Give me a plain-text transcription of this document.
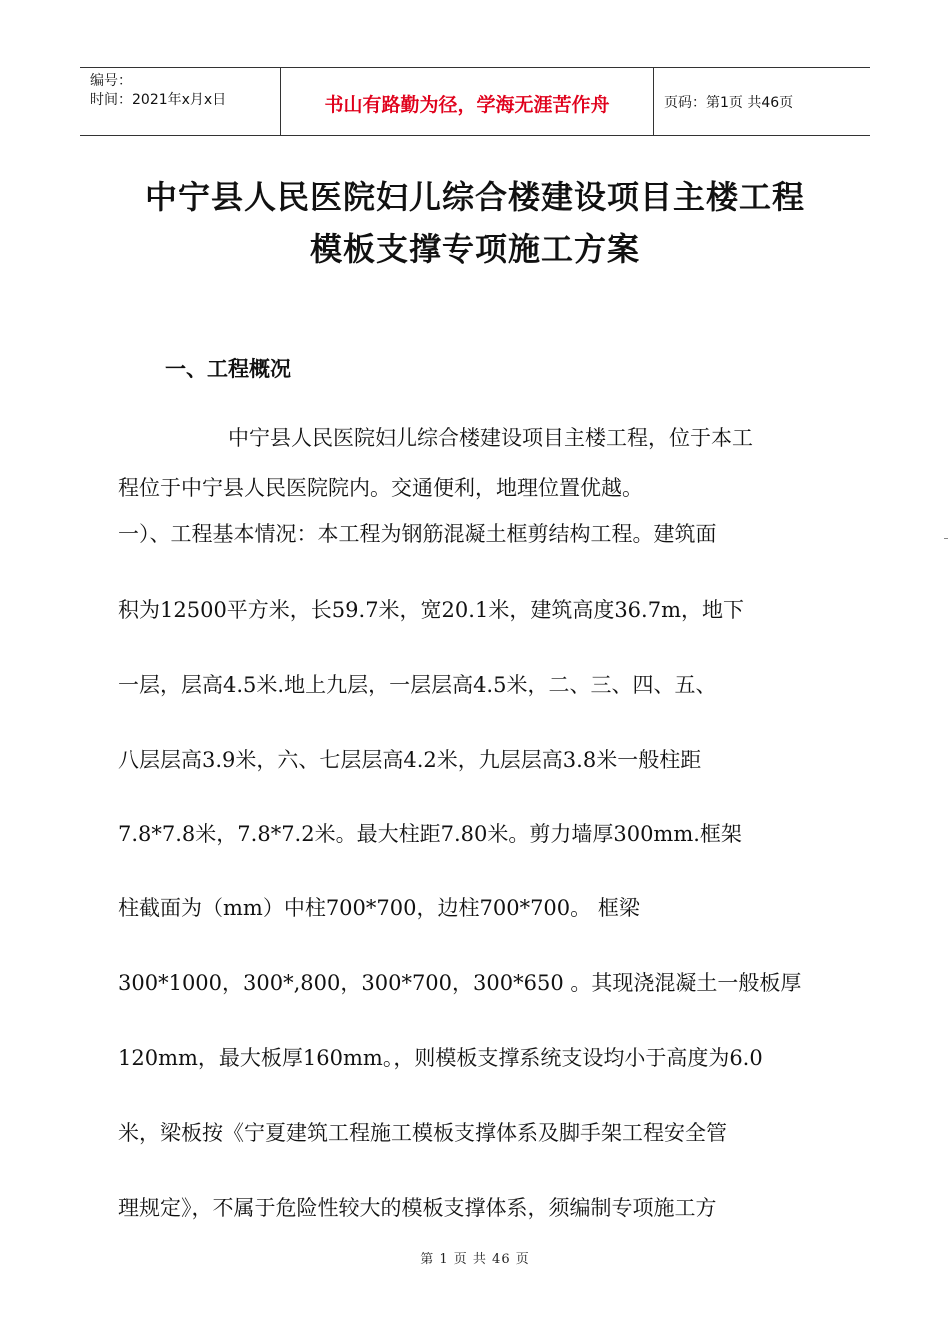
编号：
时间：2021年x月x日	书山有路勤为径，学海无涯苦作舟	页码：第1页 共46页
中宁县人民医院妇儿综合楼建设项目主楼工程
模板支撑专项施工方案
一、工程概况
中宁县人民医院妇儿综合楼建设项目主楼工程，位于本工
程位于中宁县人民医院院内。交通便利，地理位置优越。
一）、工程基本情况：本工程为钢筋混凝土框剪结构工程。建筑面
积为12500平方米，长59.7米，宽20.1米，建筑高度36.7m，地下
一层，层高4.5米.地上九层，一层层高4.5米，二、三、四、五、
八层层高3.9米，六、七层层高4.2米，九层层高3.8米一般柱距
7.8*7.8米，7.8*7.2米。最大柱距7.80米。剪力墙厚300mm.框架
柱截面为（mm）中柱700*700，边柱700*700。 框梁
300*1000，300*,800，300*700，300*650 。其现浇混凝土一般板厚
120mm，最大板厚160mm。，则模板支撑系统支设均小于高度为6.0
米，梁板按《宁夏建筑工程施工模板支撑体系及脚手架工程安全管
理规定》，不属于危险性较大的模板支撑体系，须编制专项施工方
第 1 页 共 46 页
